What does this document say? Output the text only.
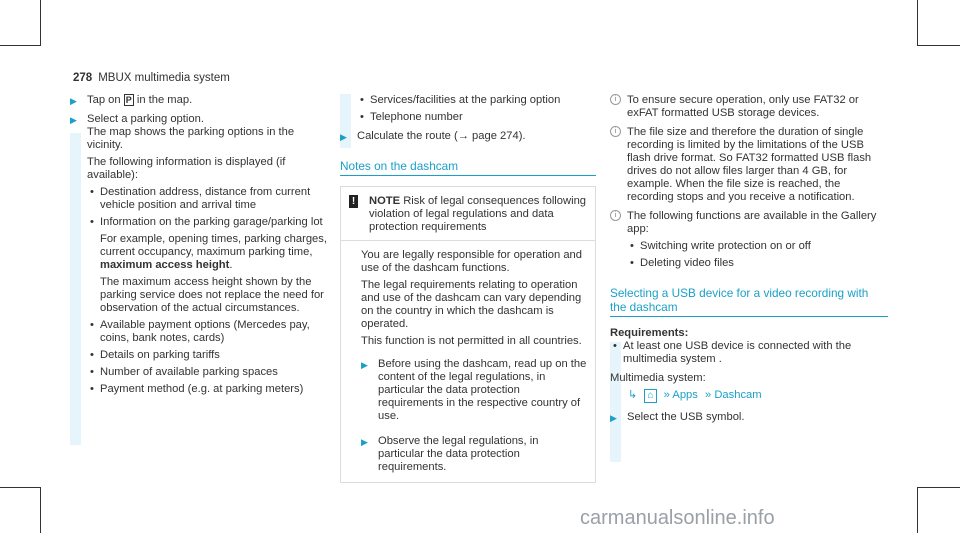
278 MBUX multimedia system
▶ Tap on P in the map.
▶ Select a parking option.
The map shows the parking options in the vicinity.
The following information is displayed (if available):
• Destination address, distance from current vehicle position and arrival time
• Information on the parking garage/parking lot
For example, opening times, parking charges, current occupancy, maximum parking time, maximum access height.
The maximum access height shown by the parking service does not replace the need for observation of the actual circumstances.
• Available payment options (Mercedes pay, coins, bank notes, cards)
• Details on parking tariffs
• Number of available parking spaces
• Payment method (e.g. at parking meters)
• Services/facilities at the parking option
• Telephone number
▶ Calculate the route (→ page 274).
Notes on the dashcam
! NOTE Risk of legal consequences following violation of legal regulations and data protection requirements
You are legally responsible for operation and use of the dashcam functions.
The legal requirements relating to operation and use of the dashcam can vary depending on the country in which the dashcam is operated.
This function is not permitted in all countries.
▶ Before using the dashcam, read up on the content of the legal regulations, in particular the data protection requirements in the respective country of use.
▶ Observe the legal regulations, in particular the data protection requirements.
i To ensure secure operation, only use FAT32 or exFAT formatted USB storage devices.
i The file size and therefore the duration of single recording is limited by the limitations of the USB flash drive format. So FAT32 formatted USB flash drives do not allow files larger than 4 GB, for example. When the file size is reached, the recording stops and you receive a notification.
i The following functions are available in the Gallery app:
• Switching write protection on or off
• Deleting video files
Selecting a USB device for a video recording with the dashcam
Requirements:
• At least one USB device is connected with the multimedia system .
Multimedia system:
↳ ⌂ » Apps » Dashcam
▶ Select the USB symbol.
carmanualsonline.info
